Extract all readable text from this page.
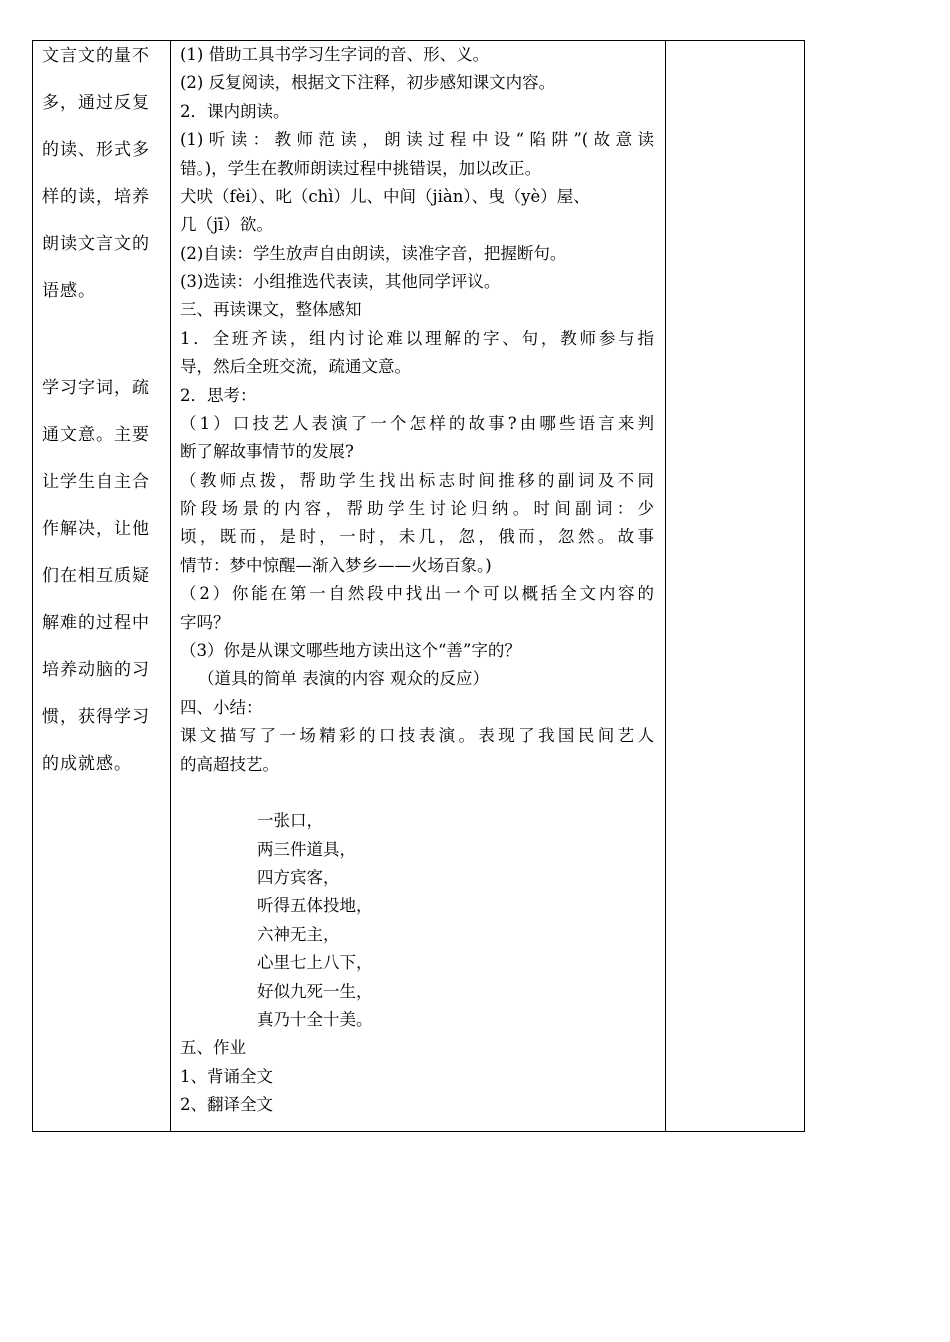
文言文的量不
多，通过反复
的读、形式多
样的读，培养
朗读文言文的
语感。
学习字词，疏
通文意。主要
让学生自主合
作解决，让他
们在相互质疑
解难的过程中
培养动脑的习
惯，获得学习
的成就感。
(1) 借助工具书学习生字词的音、形、义。
(2) 反复阅读，根据文下注释，初步感知课文内容。
2．课内朗读。
(1)听读：教师范读，朗读过程中设“陷阱”(故意读
错。)，学生在教师朗读过程中挑错误，加以改正。
犬吠（fèi）、叱（chì）儿、中间（jiàn）、曳（yè）屋、
几（jī）欲。
(2)自读：学生放声自由朗读，读准字音，把握断句。
(3)选读：小组推选代表读，其他同学评议。
三、再读课文，整体感知
1．全班齐读，组内讨论难以理解的字、句，教师参与指
导，然后全班交流，疏通文意。
2．思考：
（1）口技艺人表演了一个怎样的故事?由哪些语言来判
断了解故事情节的发展?
（教师点拨，帮助学生找出标志时间推移的副词及不同
阶段场景的内容，帮助学生讨论归纳。时间副词：少
顷，既而，是时，一时，未几，忽，俄而，忽然。故事
情节：梦中惊醒—渐入梦乡——火场百象。)
（2）你能在第一自然段中找出一个可以概括全文内容的
字吗？
（3）你是从课文哪些地方读出这个“善”字的？
（道具的简单 表演的内容 观众的反应）
四、小结：
课文描写了一场精彩的口技表演。表现了我国民间艺人
的高超技艺。
一张口，
两三件道具，
四方宾客，
听得五体投地，
六神无主，
心里七上八下，
好似九死一生，
真乃十全十美。
五、作业
1、背诵全文
2、翻译全文
